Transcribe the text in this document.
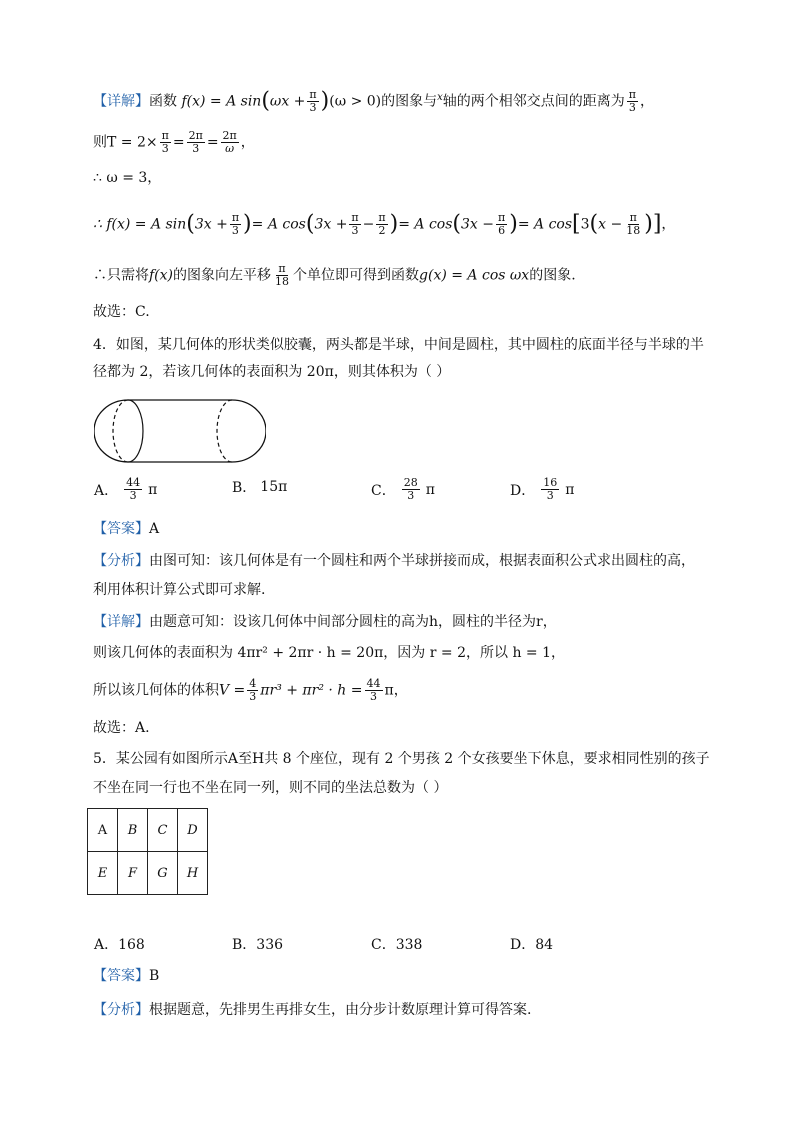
【详解】函数 f(x) = A $\sin(\omega x + \frac{\pi}{3} )(\omega > 0)$的图象与$^x$轴的两个相邻交点间的距离为 $\frac{\pi}{3}$ ，
则$T = 2\times \frac{\pi}{3} = \frac{2\pi}{3} = \frac{2\pi}{\omega}$ ，
∴ ω = 3，
∴ f(x) = A $\sin(3x + \frac{\pi}{3}$ )= A $\cos(3x + \frac{\pi}{3} - \frac{\pi}{2}$ )= A $\cos(3x - \frac{\pi}{6}$ )= A $\cos[3(x - \frac{\pi}{18}$ )]，
∴只需将f(x)的图象向左平移 $\frac{\pi}{18}$ 个单位即可得到函数g(x) = A cos ωx的图象.
故选：C.
4．如图，某几何体的形状类似胶囊，两头都是半球，中间是圆柱，其中圆柱的底面半径与半球的半
径都为 2，若该几何体的表面积为 20π，则其体积为（ ）
A． $\frac{44}{3}$ π	B． 15π	C． $\frac{28}{3}$ π	D． $\frac{16}{3}$ π
【答案】A
【分析】由图可知：该几何体是有一个圆柱和两个半球拼接而成，根据表面积公式求出圆柱的高，
利用体积计算公式即可求解.
【详解】由题意可知：设该几何体中间部分圆柱的高为h，圆柱的半径为r，
则该几何体的表面积为 4πr² + 2πr · h = 20π，因为 r = 2，所以 h = 1，
所以该几何体的体积$V = \frac{4}{3} \pi r^3 + \pi r^2 \cdot h = \frac{44}{3}$ π，
故选：A.
5．某公园有如图所示A至H共 8 个座位，现有 2 个男孩 2 个女孩要坐下休息，要求相同性别的孩子
不坐在同一行也不坐在同一列，则不同的坐法总数为（ ）
A	B	C	D
E	F	G	H
A．168	B．336	C．338	D．84
【答案】B
【分析】根据题意，先排男生再排女生，由分步计数原理计算可得答案.
